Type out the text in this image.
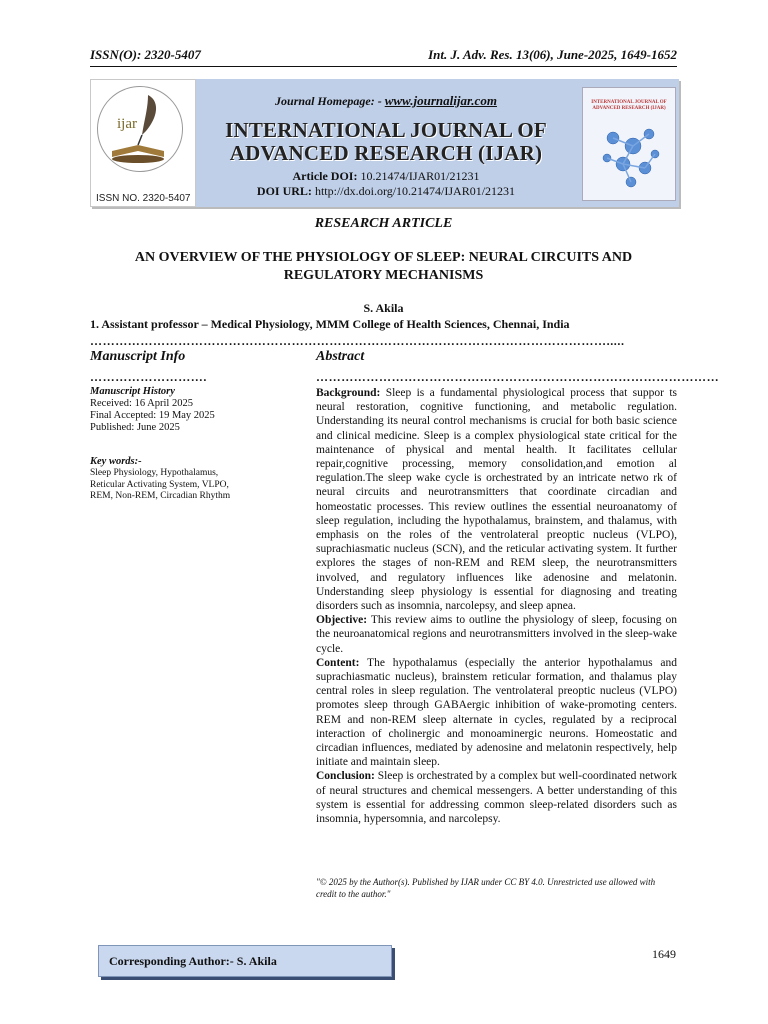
ISSN(O): 2320-5407	Int. J. Adv. Res. 13(06), June-2025, 1649-1652
ijar
ISSN NO. 2320-5407
Journal Homepage: - www.journalijar.com
INTERNATIONAL JOURNAL OF
ADVANCED RESEARCH (IJAR)
Article DOI: 10.21474/IJAR01/21231
DOI URL: http://dx.doi.org/10.21474/IJAR01/21231
INTERNATIONAL JOURNAL OF ADVANCED RESEARCH (IJAR)
RESEARCH ARTICLE
AN OVERVIEW OF THE PHYSIOLOGY OF SLEEP: NEURAL CIRCUITS AND
REGULATORY MECHANISMS
S. Akila
1. Assistant professor – Medical Physiology, MMM College of Health Sciences, Chennai, India
…………………………………………………………………………………………………………….....
Manuscript Info	Abstract
……………………….	……………………………………………………………………………………
Manuscript History
Received: 16 April 2025
Final Accepted: 19 May 2025
Published: June 2025
Key words:-
Sleep Physiology, Hypothalamus,
Reticular Activating System, VLPO,
REM, Non-REM, Circadian Rhythm

Background: Sleep is a fundamental physiological process that suppor ts neural restoration, cognitive functioning, and metabolic regulation. Understanding its neural control mechanisms is crucial for both basic science and clinical medicine. Sleep is a complex physiological state critical for the maintenance of physical and mental health. It facilitates cellular repair,cognitive processing, memory consolidation,and emotion al regulation.The sleep wake cycle is orchestrated by an intricate netwo rk of neural circuits and neurotransmitters that coordinate circadian and homeostatic processes. This review outlines the essential neuroanatomy of sleep regulation, including the hypothalamus, brainstem, and thalamus, with emphasis on the roles of the ventrolateral preoptic nucleus (VLPO), suprachiasmatic nucleus (SCN), and the reticular activating system. It further explores the stages of non-REM and REM sleep, the neurotransmitters involved, and regulatory influences like adenosine and melatonin. Understanding sleep physiology is essential for diagnosing and treating disorders such as insomnia, narcolepsy, and sleep apnea.

Objective: This review aims to outline the physiology of sleep, focusing on the neuroanatomical regions and neurotransmitters involved in the sleep-wake cycle.

Content: The hypothalamus (especially the anterior hypothalamus and suprachiasmatic nucleus), brainstem reticular formation, and thalamus play central roles in sleep regulation. The ventrolateral preoptic nucleus (VLPO) promotes sleep through GABAergic inhibition of wake-promoting centers. REM and non-REM sleep alternate in cycles, regulated by a reciprocal interaction of cholinergic and monoaminergic neurons. Homeostatic and circadian influences, mediated by adenosine and melatonin respectively, help initiate and maintain sleep.

Conclusion: Sleep is orchestrated by a complex but well-coordinated network of neural structures and chemical messengers. A better understanding of this system is essential for addressing common sleep-related disorders such as insomnia, hypersomnia, and narcolepsy.

"© 2025 by the Author(s). Published by IJAR under CC BY 4.0. Unrestricted use allowed with credit to the author."
Corresponding Author:- S. Akila	1649
